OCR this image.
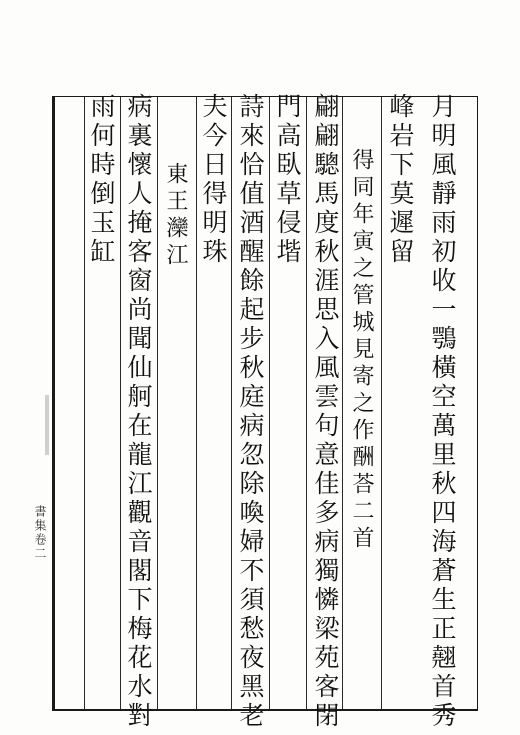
月明風靜雨初收一鶚橫空萬里秋四海蒼生正翹首秀
峰岩下莫遲留
得同年寅之管城見寄之作酬荅二首
翩翩驄馬度秋涯思入風雲句意佳多病獨憐梁苑客閉
門高臥草侵堦
詩來恰值酒醒餘起步秋庭病忽除喚婦不須愁夜黑老
夫今日得明珠
東王灤江
病裏懷人掩客窗尚聞仙舸在龍江觀音閣下梅花水對
雨何時倒玉缸
書集卷二
